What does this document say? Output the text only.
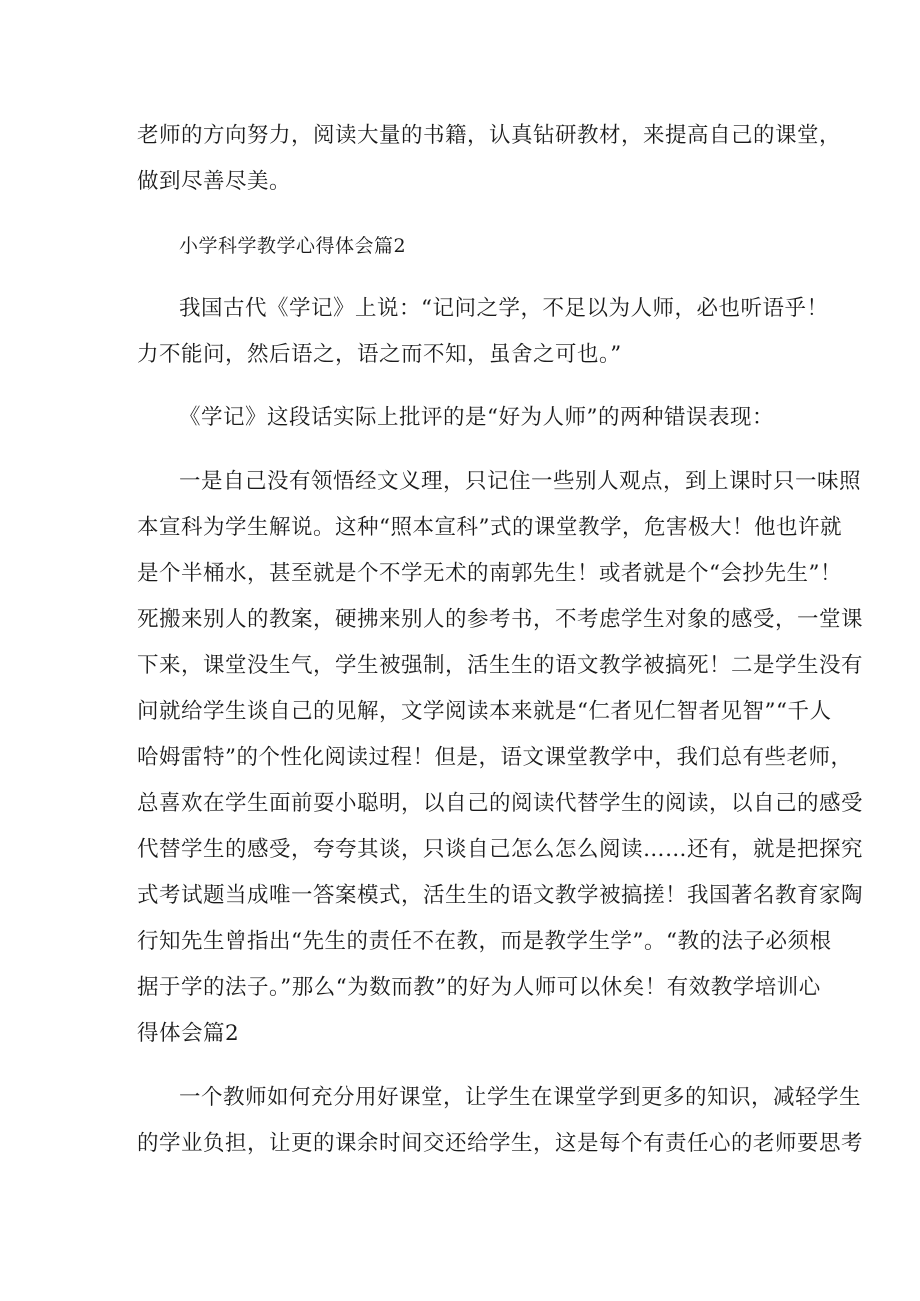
老师的方向努力，阅读大量的书籍，认真钻研教材，来提高自己的课堂，
做到尽善尽美。
小学科学教学心得体会篇2
我国古代《学记》上说：“记问之学，不足以为人师，必也听语乎！
力不能问，然后语之，语之而不知，虽舍之可也。”
《学记》这段话实际上批评的是“好为人师”的两种错误表现：
一是自己没有领悟经文义理，只记住一些别人观点，到上课时只一味照
本宣科为学生解说。这种“照本宣科”式的课堂教学，危害极大！他也许就
是个半桶水，甚至就是个不学无术的南郭先生！或者就是个“会抄先生”！
死搬来别人的教案，硬拂来别人的参考书，不考虑学生对象的感受，一堂课
下来，课堂没生气，学生被强制，活生生的语文教学被搞死！二是学生没有
问就给学生谈自己的见解，文学阅读本来就是“仁者见仁智者见智”“千人
哈姆雷特”的个性化阅读过程！但是，语文课堂教学中，我们总有些老师，
总喜欢在学生面前耍小聪明，以自己的阅读代替学生的阅读，以自己的感受
代替学生的感受，夸夸其谈，只谈自己怎么怎么阅读……还有，就是把探究
式考试题当成唯一答案模式，活生生的语文教学被搞搓！我国著名教育家陶
行知先生曾指出“先生的责任不在教，而是教学生学”。“教的法子必须根
据于学的法子。”那么“为数而教”的好为人师可以休矣！有效教学培训心
得体会篇2
一个教师如何充分用好课堂，让学生在课堂学到更多的知识，减轻学生
的学业负担，让更的课余时间交还给学生，这是每个有责任心的老师要思考
